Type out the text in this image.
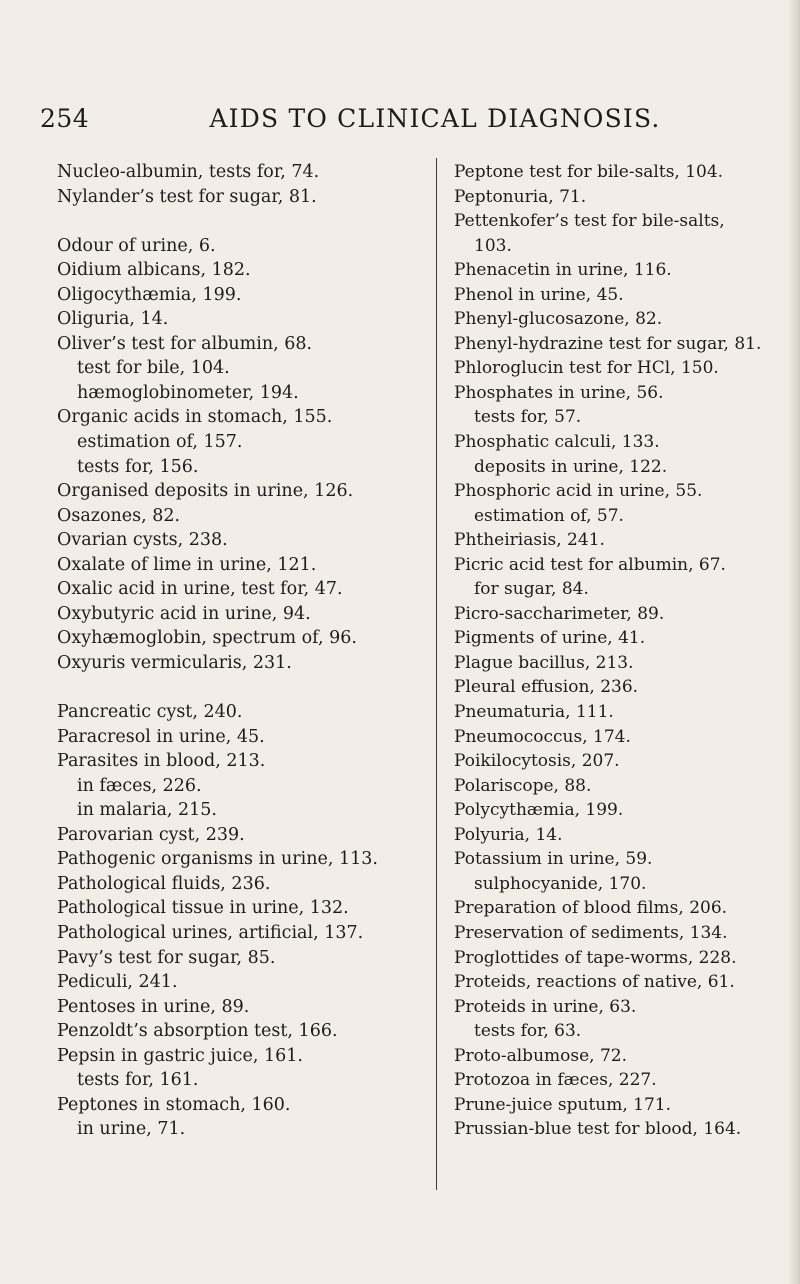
254	AIDS TO CLINICAL DIAGNOSIS.
Nucleo-albumin, tests for, 74.
Nylander’s test for sugar, 81.
Odour of urine, 6.
Oidium albicans, 182.
Oligocythæmia, 199.
Oliguria, 14.
Oliver’s test for albumin, 68.
test for bile, 104.
hæmoglobinometer, 194.
Organic acids in stomach, 155.
estimation of, 157.
tests for, 156.
Organised deposits in urine, 126.
Osazones, 82.
Ovarian cysts, 238.
Oxalate of lime in urine, 121.
Oxalic acid in urine, test for, 47.
Oxybutyric acid in urine, 94.
Oxyhæmoglobin, spectrum of, 96.
Oxyuris vermicularis, 231.
Pancreatic cyst, 240.
Paracresol in urine, 45.
Parasites in blood, 213.
in fæces, 226.
in malaria, 215.
Parovarian cyst, 239.
Pathogenic organisms in urine, 113.
Pathological fluids, 236.
Pathological tissue in urine, 132.
Pathological urines, artificial, 137.
Pavy’s test for sugar, 85.
Pediculi, 241.
Pentoses in urine, 89.
Penzoldt’s absorption test, 166.
Pepsin in gastric juice, 161.
tests for, 161.
Peptones in stomach, 160.
in urine, 71.
Peptone test for bile-salts, 104.
Peptonuria, 71.
Pettenkofer’s test for bile-salts,
103.
Phenacetin in urine, 116.
Phenol in urine, 45.
Phenyl-glucosazone, 82.
Phenyl-hydrazine test for sugar, 81.
Phloroglucin test for HCl, 150.
Phosphates in urine, 56.
tests for, 57.
Phosphatic calculi, 133.
deposits in urine, 122.
Phosphoric acid in urine, 55.
estimation of, 57.
Phtheiriasis, 241.
Picric acid test for albumin, 67.
for sugar, 84.
Picro-saccharimeter, 89.
Pigments of urine, 41.
Plague bacillus, 213.
Pleural effusion, 236.
Pneumaturia, 111.
Pneumococcus, 174.
Poikilocytosis, 207.
Polariscope, 88.
Polycythæmia, 199.
Polyuria, 14.
Potassium in urine, 59.
sulphocyanide, 170.
Preparation of blood films, 206.
Preservation of sediments, 134.
Proglottides of tape-worms, 228.
Proteids, reactions of native, 61.
Proteids in urine, 63.
tests for, 63.
Proto-albumose, 72.
Protozoa in fæces, 227.
Prune-juice sputum, 171.
Prussian-blue test for blood, 164.
